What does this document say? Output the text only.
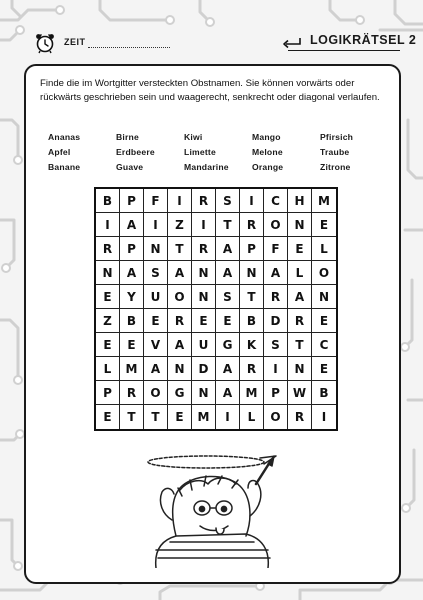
ZEIT	LOGIKRÄTSEL 2
Finde die im Wortgitter versteckten Obstnamen. Sie können vorwärts oder rückwärts geschrieben sein und waagerecht, senkrecht oder diagonal verlaufen.
Ananas	Birne	Kiwi	Mango	Pfirsich
Apfel	Erdbeere	Limette	Melone	Traube
Banane	Guave	Mandarine	Orange	Zitrone
B	P	F	I	R	S	I	C	H	M
I	A	I	Z	I	T	R	O	N	E
R	P	N	T	R	A	P	F	E	L
N	A	S	A	N	A	N	A	L	O
E	Y	U	O	N	S	T	R	A	N
Z	B	E	R	E	E	B	D	R	E
E	E	V	A	U	G	K	S	T	C
L	M	A	N	D	A	R	I	N	E
P	R	O	G	N	A	M	P	W	B
E	T	T	E	M	I	L	O	R	I
